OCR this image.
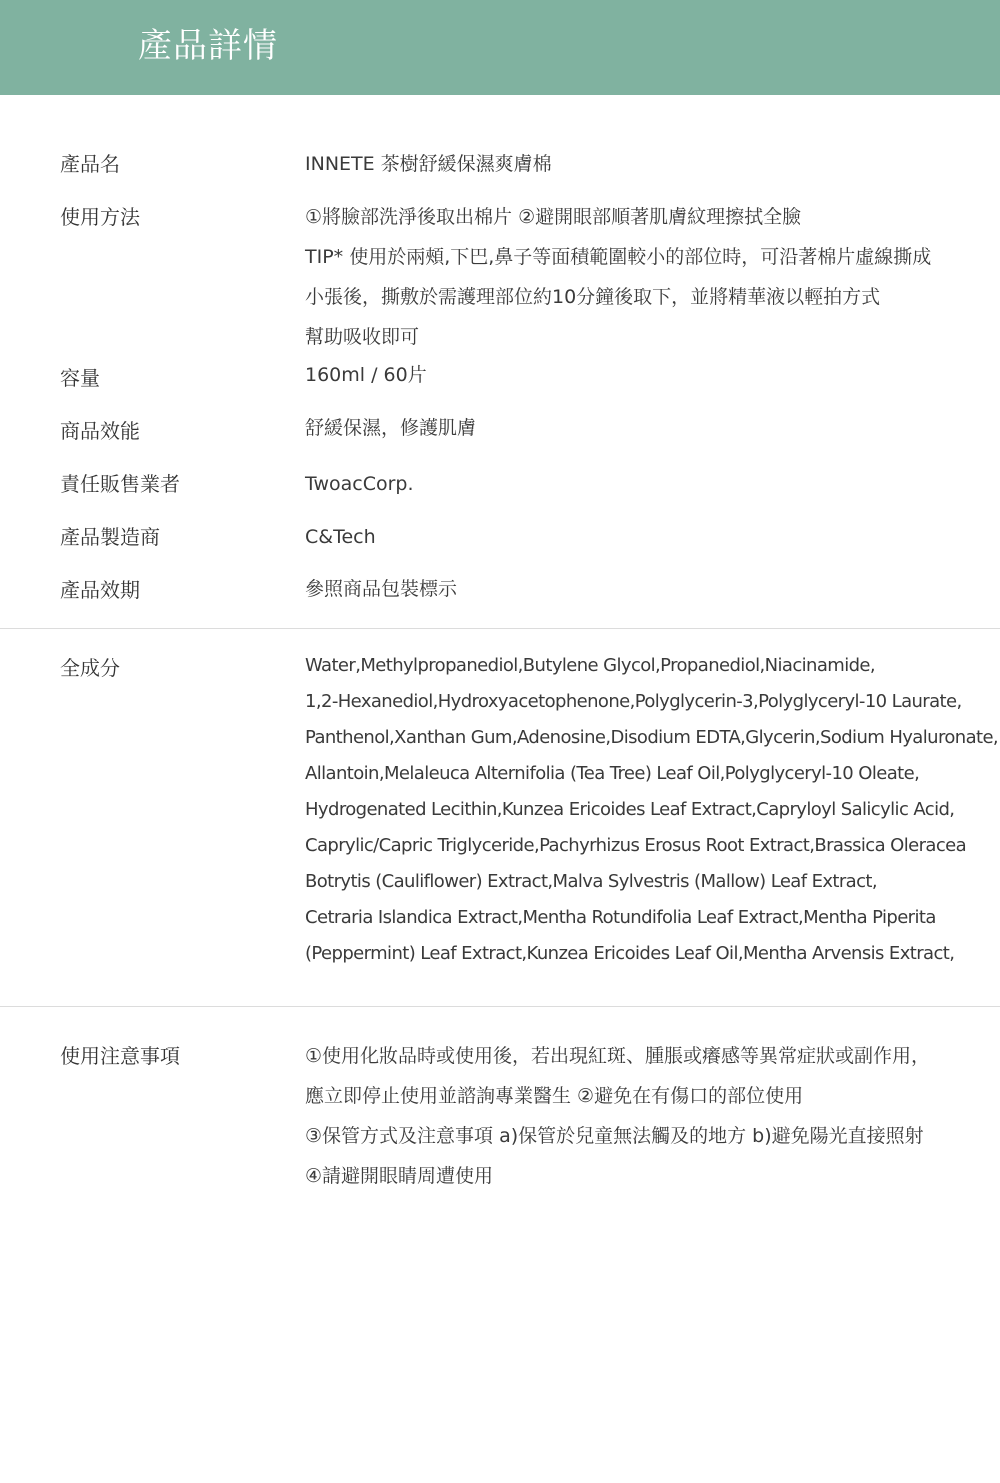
產品詳情
產品名	INNETE 茶樹舒緩保濕爽膚棉
使用方法	①將臉部洗淨後取出棉片 ②避開眼部順著肌膚紋理擦拭全臉
TIP* 使用於兩頰,下巴,鼻子等面積範圍較小的部位時，可沿著棉片虛線撕成
小張後，撕敷於需護理部位約10分鐘後取下，並將精華液以輕拍方式
幫助吸收即可
容量	160ml / 60片
商品效能	舒緩保濕，修護肌膚
責任販售業者	TwoacCorp.
產品製造商	C&Tech
產品效期	參照商品包裝標示
全成分	Water,Methylpropanediol,Butylene Glycol,Propanediol,Niacinamide,
1,2-Hexanediol,Hydroxyacetophenone,Polyglycerin-3,Polyglyceryl-10 Laurate,
Panthenol,Xanthan Gum,Adenosine,Disodium EDTA,Glycerin,Sodium Hyaluronate,
Allantoin,Melaleuca Alternifolia (Tea Tree) Leaf Oil,Polyglyceryl-10 Oleate,
Hydrogenated Lecithin,Kunzea Ericoides Leaf Extract,Capryloyl Salicylic Acid,
Caprylic/Capric Triglyceride,Pachyrhizus Erosus Root Extract,Brassica Oleracea
Botrytis (Cauliflower) Extract,Malva Sylvestris (Mallow) Leaf Extract,
Cetraria Islandica Extract,Mentha Rotundifolia Leaf Extract,Mentha Piperita
(Peppermint) Leaf Extract,Kunzea Ericoides Leaf Oil,Mentha Arvensis Extract,
使用注意事項	①使用化妝品時或使用後，若出現紅斑、腫脹或癢感等異常症狀或副作用，
應立即停止使用並諮詢專業醫生 ②避免在有傷口的部位使用
③保管方式及注意事項 a)保管於兒童無法觸及的地方 b)避免陽光直接照射
④請避開眼睛周遭使用
